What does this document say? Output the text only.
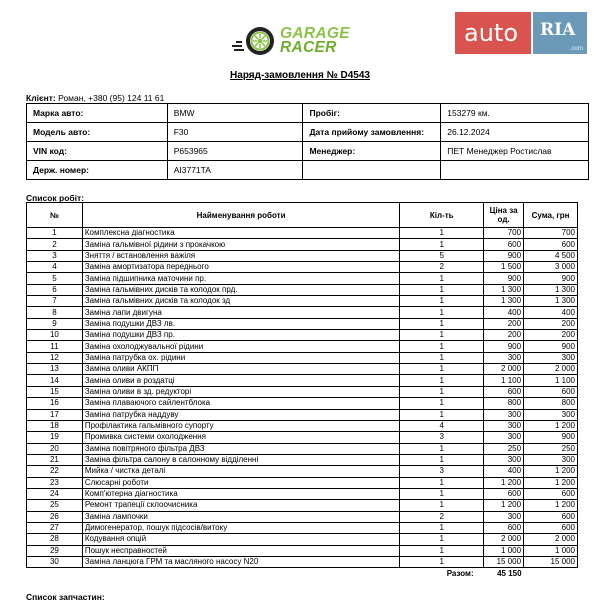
GARAGE
RACER
auto RIA
.com
Наряд-замовлення № D4543
Клієнт: Роман, +380 (95) 124 11 61
Марка авто:	BMW	Пробіг:	153279 км.
Модель авто:	F30	Дата прийому замовлення:	26.12.2024
VIN код:	P653965	Менеджер:	ПЕТ Менеджер Ростислав
Держ. номер:	AI3771TA		
Список робіт:
№	Найменування роботи	Кіл-ть	Ціна за од.	Сума, грн
1	Комплексна діагностика	1	700	700
2	Заміна гальмівної рідини з прокачкою	1	600	600
3	Зняття / встановлення важіля	5	900	4 500
4	Заміна амортизатора переднього	2	1 500	3 000
5	Заміна підшипника маточини пр.	1	900	900
6	Заміна гальмівних дисків та колодок прд.	1	1 300	1 300
7	Заміна гальмівних дисків та колодок зд	1	1 300	1 300
8	Заміна лапи двигуна	1	400	400
9	Заміна подушки ДВЗ лв.	1	200	200
10	Заміна подушки ДВЗ пр.	1	200	200
11	Заміна охолоджувальної рідини	1	900	900
12	Заміна патрубка ох. рідини	1	300	300
13	Заміна оливи АКПП	1	2 000	2 000
14	Заміна оливи в роздатці	1	1 100	1 100
15	Заміна оливи в зд. редукторі	1	600	600
16	Заміна плаваючого сайлентблока	1	800	800
17	Заміна патрубка наддуву	1	300	300
18	Профілактика гальмівного супорту	4	300	1 200
19	Промивка системи охолодження	3	300	900
20	Заміна повітряного фільтра ДВЗ	1	250	250
21	Заміна фільтра салону в салонному відділенні	1	300	300
22	Мийка / чистка деталі	3	400	1 200
23	Слюсарні роботи	1	1 200	1 200
24	Комп'ютерна діагностика	1	600	600
25	Ремонт трапеції склоочисника	1	1 200	1 200
26	Заміна лампочки	2	300	600
27	Димогенератор, пошук підсосів/витоку	1	600	600
28	Кодування опцій	1	2 000	2 000
29	Пошук несправностей	1	1 000	1 000
30	Заміна ланцюга ГРМ та масляного насосу N20	1	15 000	15 000
	Разом:		45 150	
Список запчастин:
